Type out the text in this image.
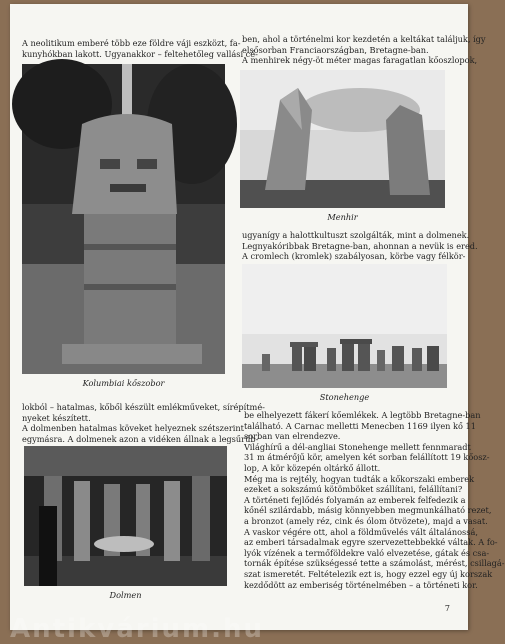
A neolitikum emberé több eze földre váji eszközt, fa-
kunyhókban lakott. Ugyanakkor – feltehetőleg vallási cé-
ben, ahol a történelmi kor kezdetén a keltákat találjuk, így
elsősorban Franciaországban, Bretagne-ban.
A menhirek négy-öt méter magas faragatlan kőoszlopok,

Kolumbiai kőszobor

Menhir

ugyanígy a halottkultuszt szolgálták, mint a dolmenek.
Legnyakóribbak Bretagne-ban, ahonnan a nevük is ered.
A cromlech (kromlek) szabályosan, körbe vagy félkör-

Stonehenge

lokból – hatalmas, kőből készült emlékműveket, sírépítmé-
nyeket készített.
A dolmenben hatalmas köveket helyeznek szétszerint
egymásra. A dolmenek azon a vidéken állnak a legsűrűb-

Dolmen

be elhelyezett fákerí kőemlékek. A legtöbb Bretagne-ban
található. A Carnac melletti Menecben 1169 ilyen kő 11
sorban van elrendezve.
Világhírű a dél-angliai Stonehenge mellett fennmaradt
31 m átmérőjű kör, amelyen két sorban felállított 19 kőosz-
lop, A kör közepén oltárkő állott.
Még ma is rejtély, hogyan tudták a kőkorszaki emberek
ezeket a sokszámú kötömböket szállítani, felállítani?
A történeti fejlődés folyamán az emberek felfedezik a
kőnél szilárdabb, másig könnyebben megmunkálható rezet,
a bronzot (amely réz, cink és ólom ötvözete), majd a vasat.
A vaskor végére ott, ahol a földművelés vált általánossá,
az emberi társadalmak egyre szervezettebbekké váltak. A fo-
lyók vízének a termőföldekre való elvezetése, gátak és csa-
tornák építése szükségessé tette a számolást, mérést, csillagá-
szat ismeretét. Feltételezik ezt is, hogy ezzel egy új korszak
kezdődött az emberiség történelmében – a történeti kor.
7
Antikvárium.hu
